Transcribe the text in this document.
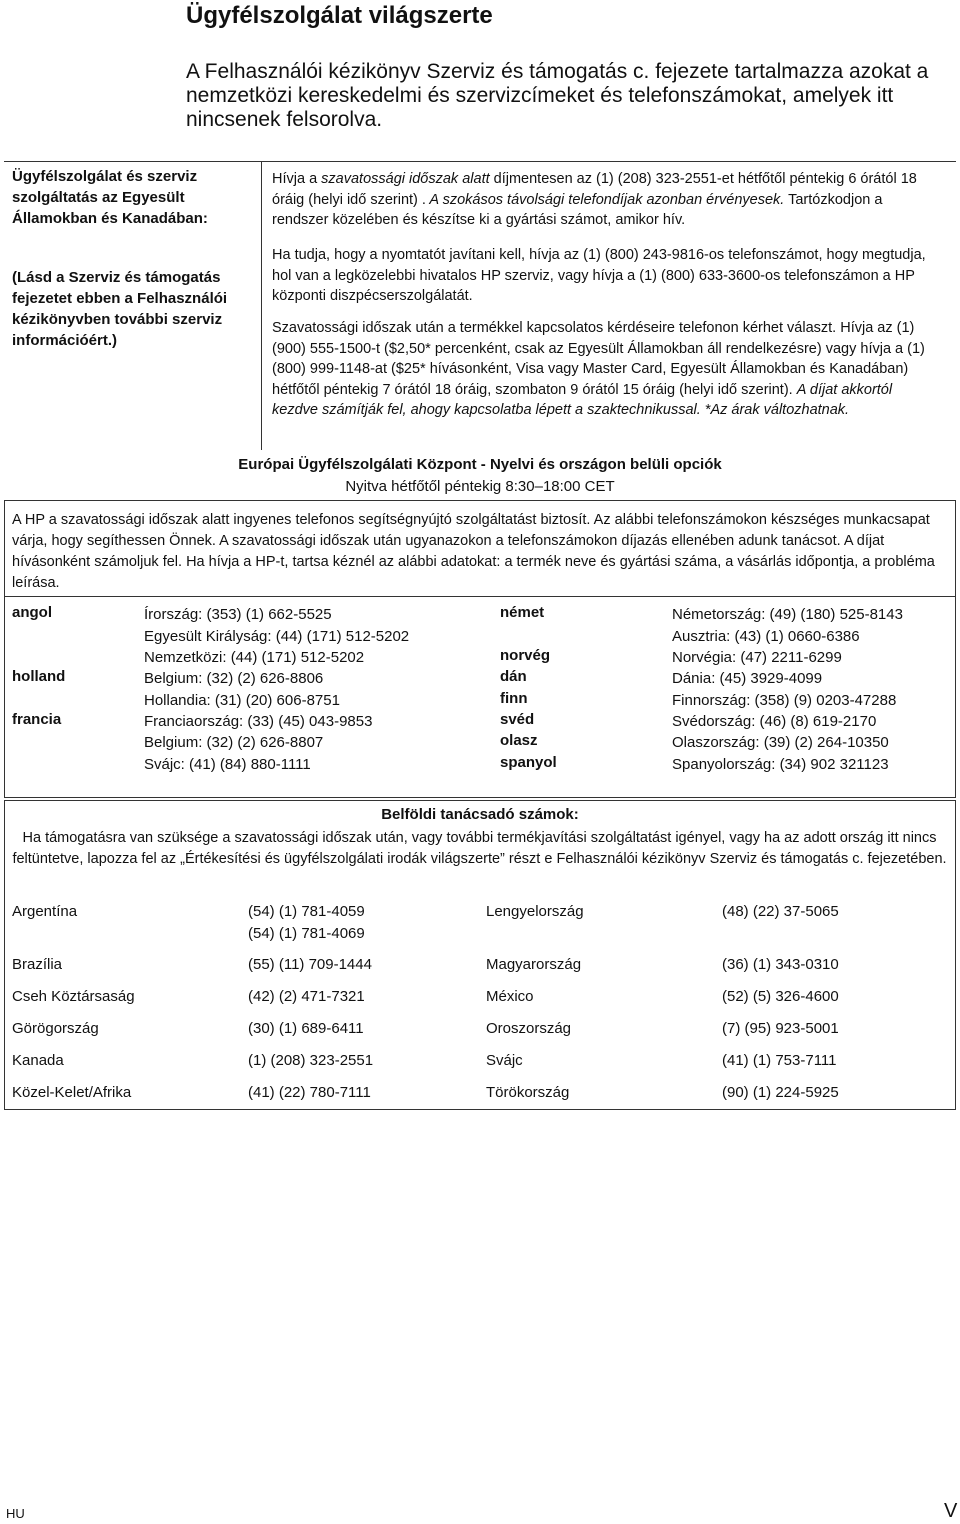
Ügyfélszolgálat világszerte
A Felhasználói kézikönyv Szerviz és támogatás c. fejezete tartalmazza azokat a nemzetközi kereskedelmi és szervizcímeket és telefonszámokat, amelyek itt nincsenek felsorolva.
Ügyfélszolgálat és szerviz szolgáltatás az Egyesült Államokban és Kanadában:
(Lásd a Szerviz és támogatás fejezetet ebben a Felhasználói kézikönyvben további szerviz információért.)
Hívja a szavatossági időszak alatt díjmentesen az (1) (208) 323-2551-et hétfőtől péntekig 6 órától 18 óráig (helyi idő szerint) . A szokásos távolsági telefondíjak azonban érvényesek. Tartózkodjon a rendszer közelében és készítse ki a gyártási számot, amikor hív.
Ha tudja, hogy a nyomtatót javítani kell, hívja az (1) (800) 243-9816-os telefonszámot, hogy megtudja, hol van a legközelebbi hivatalos HP szerviz, vagy hívja a (1) (800) 633-3600-os telefonszámon a HP központi diszpécserszolgálatát.
Szavatossági időszak után a termékkel kapcsolatos kérdéseire telefonon kérhet választ. Hívja az (1) (900) 555-1500-t ($2,50* percenként, csak az Egyesült Államokban áll rendelkezésre) vagy hívja a (1) (800) 999-1148-at ($25* hívásonként, Visa vagy Master Card, Egyesült Államokban és Kanadában) hétfőtől péntekig 7 órától 18 óráig, szombaton 9 órától 15 óráig (helyi idő szerint). A díjat akkortól kezdve számítják fel, ahogy kapcsolatba lépett a szaktechnikussal. *Az árak változhatnak.
Európai Ügyfélszolgálati Központ - Nyelvi és országon belüli opciók
Nyitva hétfőtől péntekig 8:30–18:00 CET
A HP a szavatossági időszak alatt ingyenes telefonos segítségnyújtó szolgáltatást biztosít. Az alábbi telefonszámokon készséges munkacsapat várja, hogy segíthessen Önnek. A szavatossági időszak után ugyanazokon a telefonszámokon díjazás ellenében adunk tanácsot. A díjat hívásonként számoljuk fel. Ha hívja a HP-t, tartsa kéznél az alábbi adatokat: a termék neve és gyártási száma, a vásárlás időpontja, a probléma leírása.
angol	Írország: (353) (1) 662-5525
Egyesült Királyság: (44) (171) 512-5202
Nemzetközi: (44) (171) 512-5202
holland	Belgium: (32) (2) 626-8806
Hollandia: (31) (20) 606-8751
francia	Franciaország: (33) (45) 043-9853
Belgium: (32) (2) 626-8807
Svájc: (41) (84) 880-1111
német	Németország: (49) (180) 525-8143
Ausztria: (43) (1) 0660-6386
norvég	Norvégia: (47) 2211-6299
dán	Dánia: (45) 3929-4099
finn	Finnország: (358) (9) 0203-47288
svéd	Svédország: (46) (8) 619-2170
olasz	Olaszország: (39) (2) 264-10350
spanyol	Spanyolország: (34) 902 321123
Belföldi tanácsadó számok:
Ha támogatásra van szüksége a szavatossági időszak után, vagy további termékjavítási szolgáltatást igényel, vagy ha az adott ország itt nincs feltüntetve, lapozza fel az „Értékesítési és ügyfélszolgálati irodák világszerte” részt e Felhasználói kézikönyv Szerviz és támogatás c. fejezetében.
Argentína	(54) (1) 781-4059
(54) (1) 781-4069
Brazília	(55) (11) 709-1444
Cseh Köztársaság	(42) (2) 471-7321
Görögország	(30) (1) 689-6411
Kanada	(1) (208) 323-2551
Közel-Kelet/Afrika	(41) (22) 780-7111
Lengyelország	(48) (22) 37-5065
Magyarország	(36) (1) 343-0310
México	(52) (5) 326-4600
Oroszország	(7) (95) 923-5001
Svájc	(41) (1) 753-7111
Törökország	(90) (1) 224-5925
HU	V
